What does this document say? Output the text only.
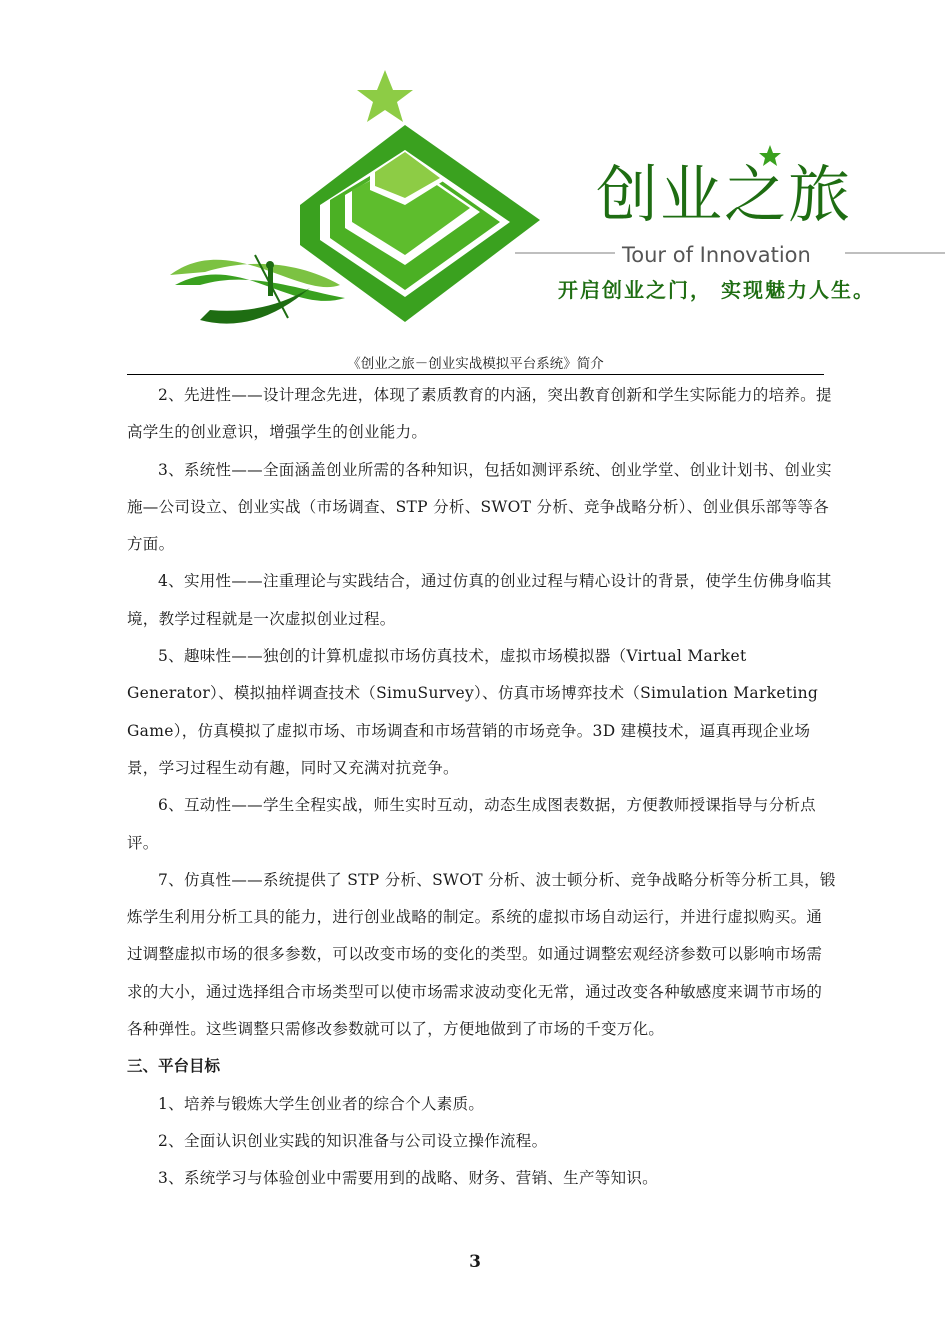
创业之旅
Tour of Innovation
开启创业之门， 实现魅力人生。
《创业之旅－创业实战模拟平台系统》简介

2、先进性——设计理念先进，体现了素质教育的内涵，突出教育创新和学生实际能力的培养。提高学生的创业意识，增强学生的创业能力。

3、系统性——全面涵盖创业所需的各种知识，包括如测评系统、创业学堂、创业计划书、创业实施—公司设立、创业实战（市场调查、STP 分析、SWOT 分析、竞争战略分析）、创业俱乐部等等各方面。

4、实用性——注重理论与实践结合，通过仿真的创业过程与精心设计的背景，使学生仿佛身临其境，教学过程就是一次虚拟创业过程。

5、趣味性——独创的计算机虚拟市场仿真技术，虚拟市场模拟器（Virtual Market Generator）、模拟抽样调查技术（SimuSurvey）、仿真市场博弈技术（Simulation Marketing Game），仿真模拟了虚拟市场、市场调查和市场营销的市场竞争。3D 建模技术，逼真再现企业场景，学习过程生动有趣，同时又充满对抗竞争。

6、互动性——学生全程实战，师生实时互动，动态生成图表数据，方便教师授课指导与分析点评。

7、仿真性——系统提供了 STP 分析、SWOT 分析、波士顿分析、竞争战略分析等分析工具，锻炼学生利用分析工具的能力，进行创业战略的制定。系统的虚拟市场自动运行，并进行虚拟购买。通过调整虚拟市场的很多参数，可以改变市场的变化的类型。如通过调整宏观经济参数可以影响市场需求的大小，通过选择组合市场类型可以使市场需求波动变化无常，通过改变各种敏感度来调节市场的各种弹性。这些调整只需修改参数就可以了，方便地做到了市场的千变万化。

三、平台目标

1、培养与锻炼大学生创业者的综合个人素质。

2、全面认识创业实践的知识准备与公司设立操作流程。

3、系统学习与体验创业中需要用到的战略、财务、营销、生产等知识。

3
